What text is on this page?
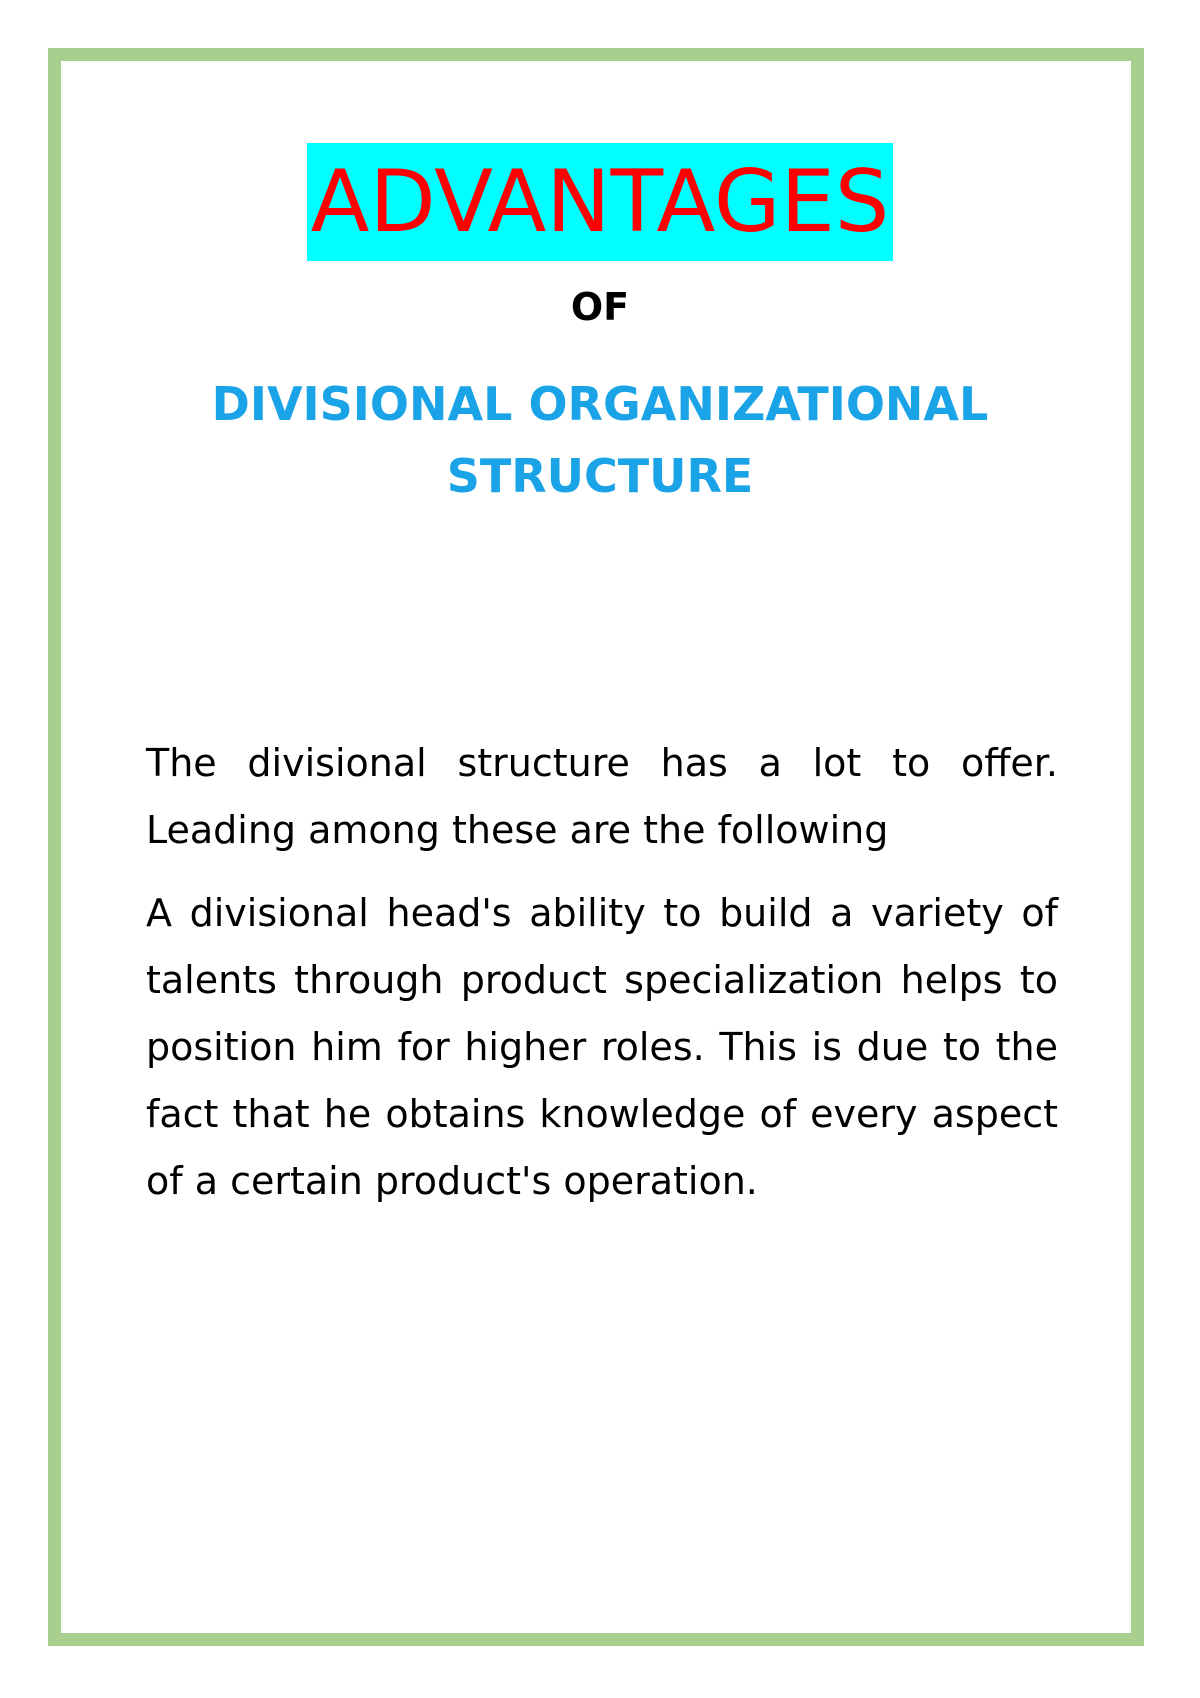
ADVANTAGES
OF
DIVISIONAL ORGANIZATIONAL
STRUCTURE

The divisional structure has a lot to offer. Leading among these are the following

A divisional head's ability to build a variety of talents through product specialization helps to position him for higher roles. This is due to the fact that he obtains knowledge of every aspect of a certain product's operation.
